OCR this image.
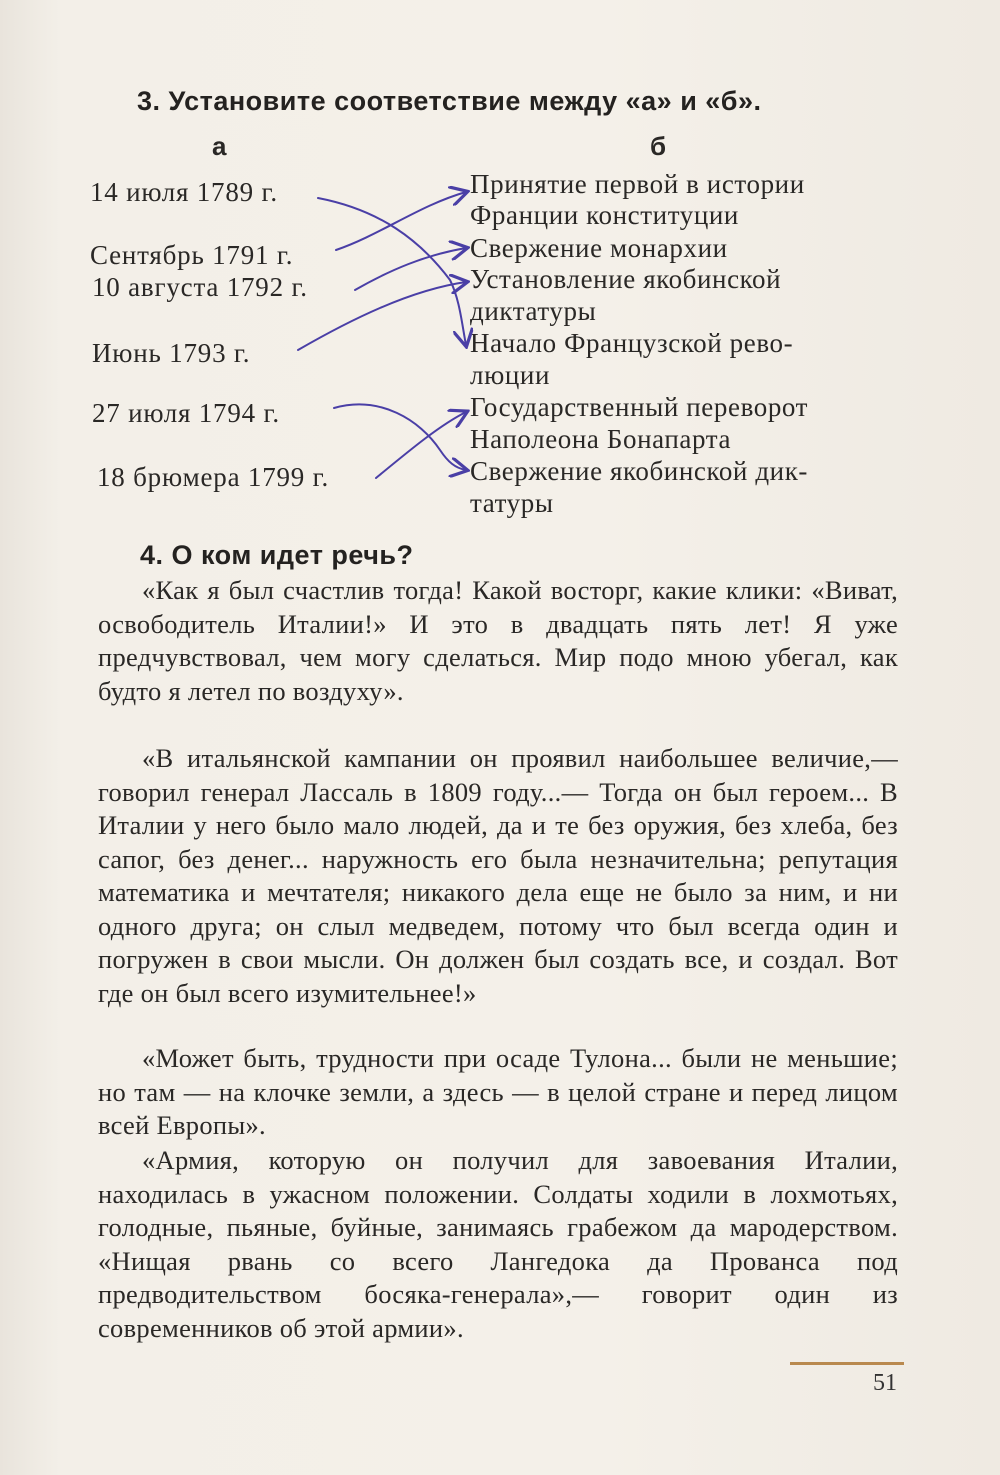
3. Установите соответствие между «а» и «б».
а	б
14 июля 1789 г.
Сентябрь 1791 г.
10 августа 1792 г.
Июнь 1793 г.
27 июля 1794 г.
18 брюмера 1799 г.
Принятие первой в истории
Франции конституции
Свержение монархии
Установление якобинской
диктатуры
Начало Французской рево-
люции
Государственный переворот
Наполеона Бонапарта
Свержение якобинской дик-
татуры
4. О ком идет речь?
«Как я был счастлив тогда! Какой восторг, какие клики: «Виват, освободитель Италии!» И это в двадцать пять лет! Я уже предчувствовал, чем могу сделаться. Мир подо мною убегал, как будто я летел по воздуху».
«В итальянской кампании он проявил наибольшее величие,— говорил генерал Лассаль в 1809 году...— Тогда он был героем... В Италии у него было мало людей, да и те без оружия, без хлеба, без сапог, без денег... наружность его была незначительна; репутация математика и мечтателя; никакого дела еще не было за ним, и ни одного друга; он слыл медведем, потому что был всегда один и погружен в свои мысли. Он должен был создать все, и создал. Вот где он был всего изумительнее!»
«Может быть, трудности при осаде Тулона... были не меньшие; но там — на клочке земли, а здесь — в целой стране и перед лицом всей Европы».
«Армия, которую он получил для завоевания Италии, находилась в ужасном положении. Солдаты ходили в лохмотьях, голодные, пьяные, буйные, занимаясь грабежом да мародерством. «Нищая рвань со всего Лангедока да Прованса под предводительством босяка-генерала»,— говорит один из современников об этой армии».
51
